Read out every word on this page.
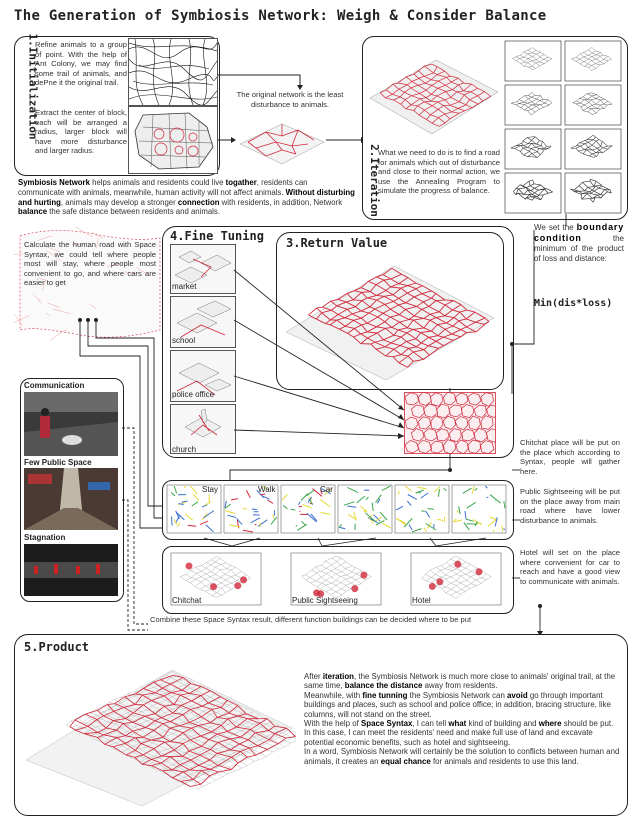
The Generation of Symbiosis Network: Weigh & Consider Balance
1.Initialization
Refine animals to a group of point. With the help of Ant Colony, we may find some trail of animals, and dePne it the original trail.
Extract the center of block, each will be arranged a radius, larger block will have more disturbance and larger radius.
The original network is the least disturbance to animals.
Symbiosis Network helps animals and residents could live togather, residents can communicate with animals, meanwhile, human activity will not affect animals. Without disturbing and hurting, animals may develop a stronger connection with residents, in addition, Network balance the safe distance between residents and animals.	2.Iteration
What we need to do is to find a road for animals which out of disturbance and close to their normal action, we use the Annealing Program to simulate the progress of balance.
Calculate the human road with Space Syntax, we could tell where people most will stay, where people most convenient to go, and where cars are easier to get
4.Fine Tuning
market
school
police office
church
3.Return Value
We set the boundary condition the minimum of the product of loss and distance:
Min(dis*loss)
Communication
Few Public Space
Stagnation
Stay	Walk	Car
Chitchat	Public Sightseeing	Hotel
Combine these Space Syntax result, different function buildings can be decided where to be put
Chitchat place will be put on the place which according to Syntax, people will gather here.
Public Sightseeing will be put on the place away from main road where have lower disturbance to animals.
Hotel will set on the place where convenient for car to reach and have a good view to communicate with animals.
5.Product
After iteration, the Symbiosis Network is much more close to animals' original trail, at the same time, balance the distance away from residents.
Meanwhile, with fine tunning the Symbiosis Network can avoid go through important buildings and places, such as school and police office; in addition, bracing structure, like columns, will not stand on the street.
With the help of Space Syntax, I can tell what kind of building and where should be put. In this case, I can meet the residents' need and make full use of land and excavate potential economic benefits, such as hotel and sightseeing.
In a word, Symbiosis Network will certainly be the solution to conflicts between human and animals, it creates an equal chance for animals and residents to use this land.
